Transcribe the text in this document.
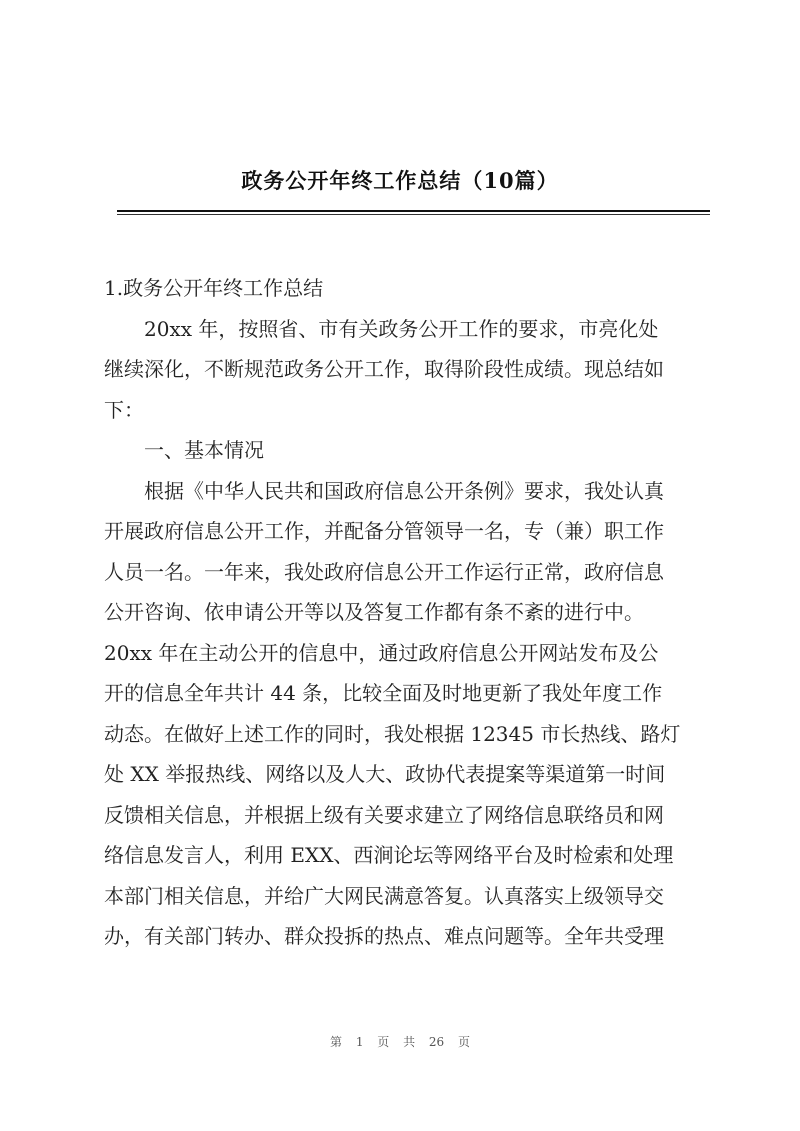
政务公开年终工作总结（10篇）

1.政务公开年终工作总结

20xx 年，按照省、市有关政务公开工作的要求，市亮化处

继续深化，不断规范政务公开工作，取得阶段性成绩。现总结如

下：

一、基本情况

根据《中华人民共和国政府信息公开条例》要求，我处认真

开展政府信息公开工作，并配备分管领导一名，专（兼）职工作

人员一名。一年来，我处政府信息公开工作运行正常，政府信息

公开咨询、依申请公开等以及答复工作都有条不紊的进行中。

20xx 年在主动公开的信息中，通过政府信息公开网站发布及公

开的信息全年共计 44 条，比较全面及时地更新了我处年度工作

动态。在做好上述工作的同时，我处根据 12345 市长热线、路灯

处 XX 举报热线、网络以及人大、政协代表提案等渠道第一时间

反馈相关信息，并根据上级有关要求建立了网络信息联络员和网

络信息发言人，利用 EXX、西涧论坛等网络平台及时检索和处理

本部门相关信息，并给广大网民满意答复。认真落实上级领导交

办，有关部门转办、群众投拆的热点、难点问题等。全年共受理

第 1 页 共 26 页
